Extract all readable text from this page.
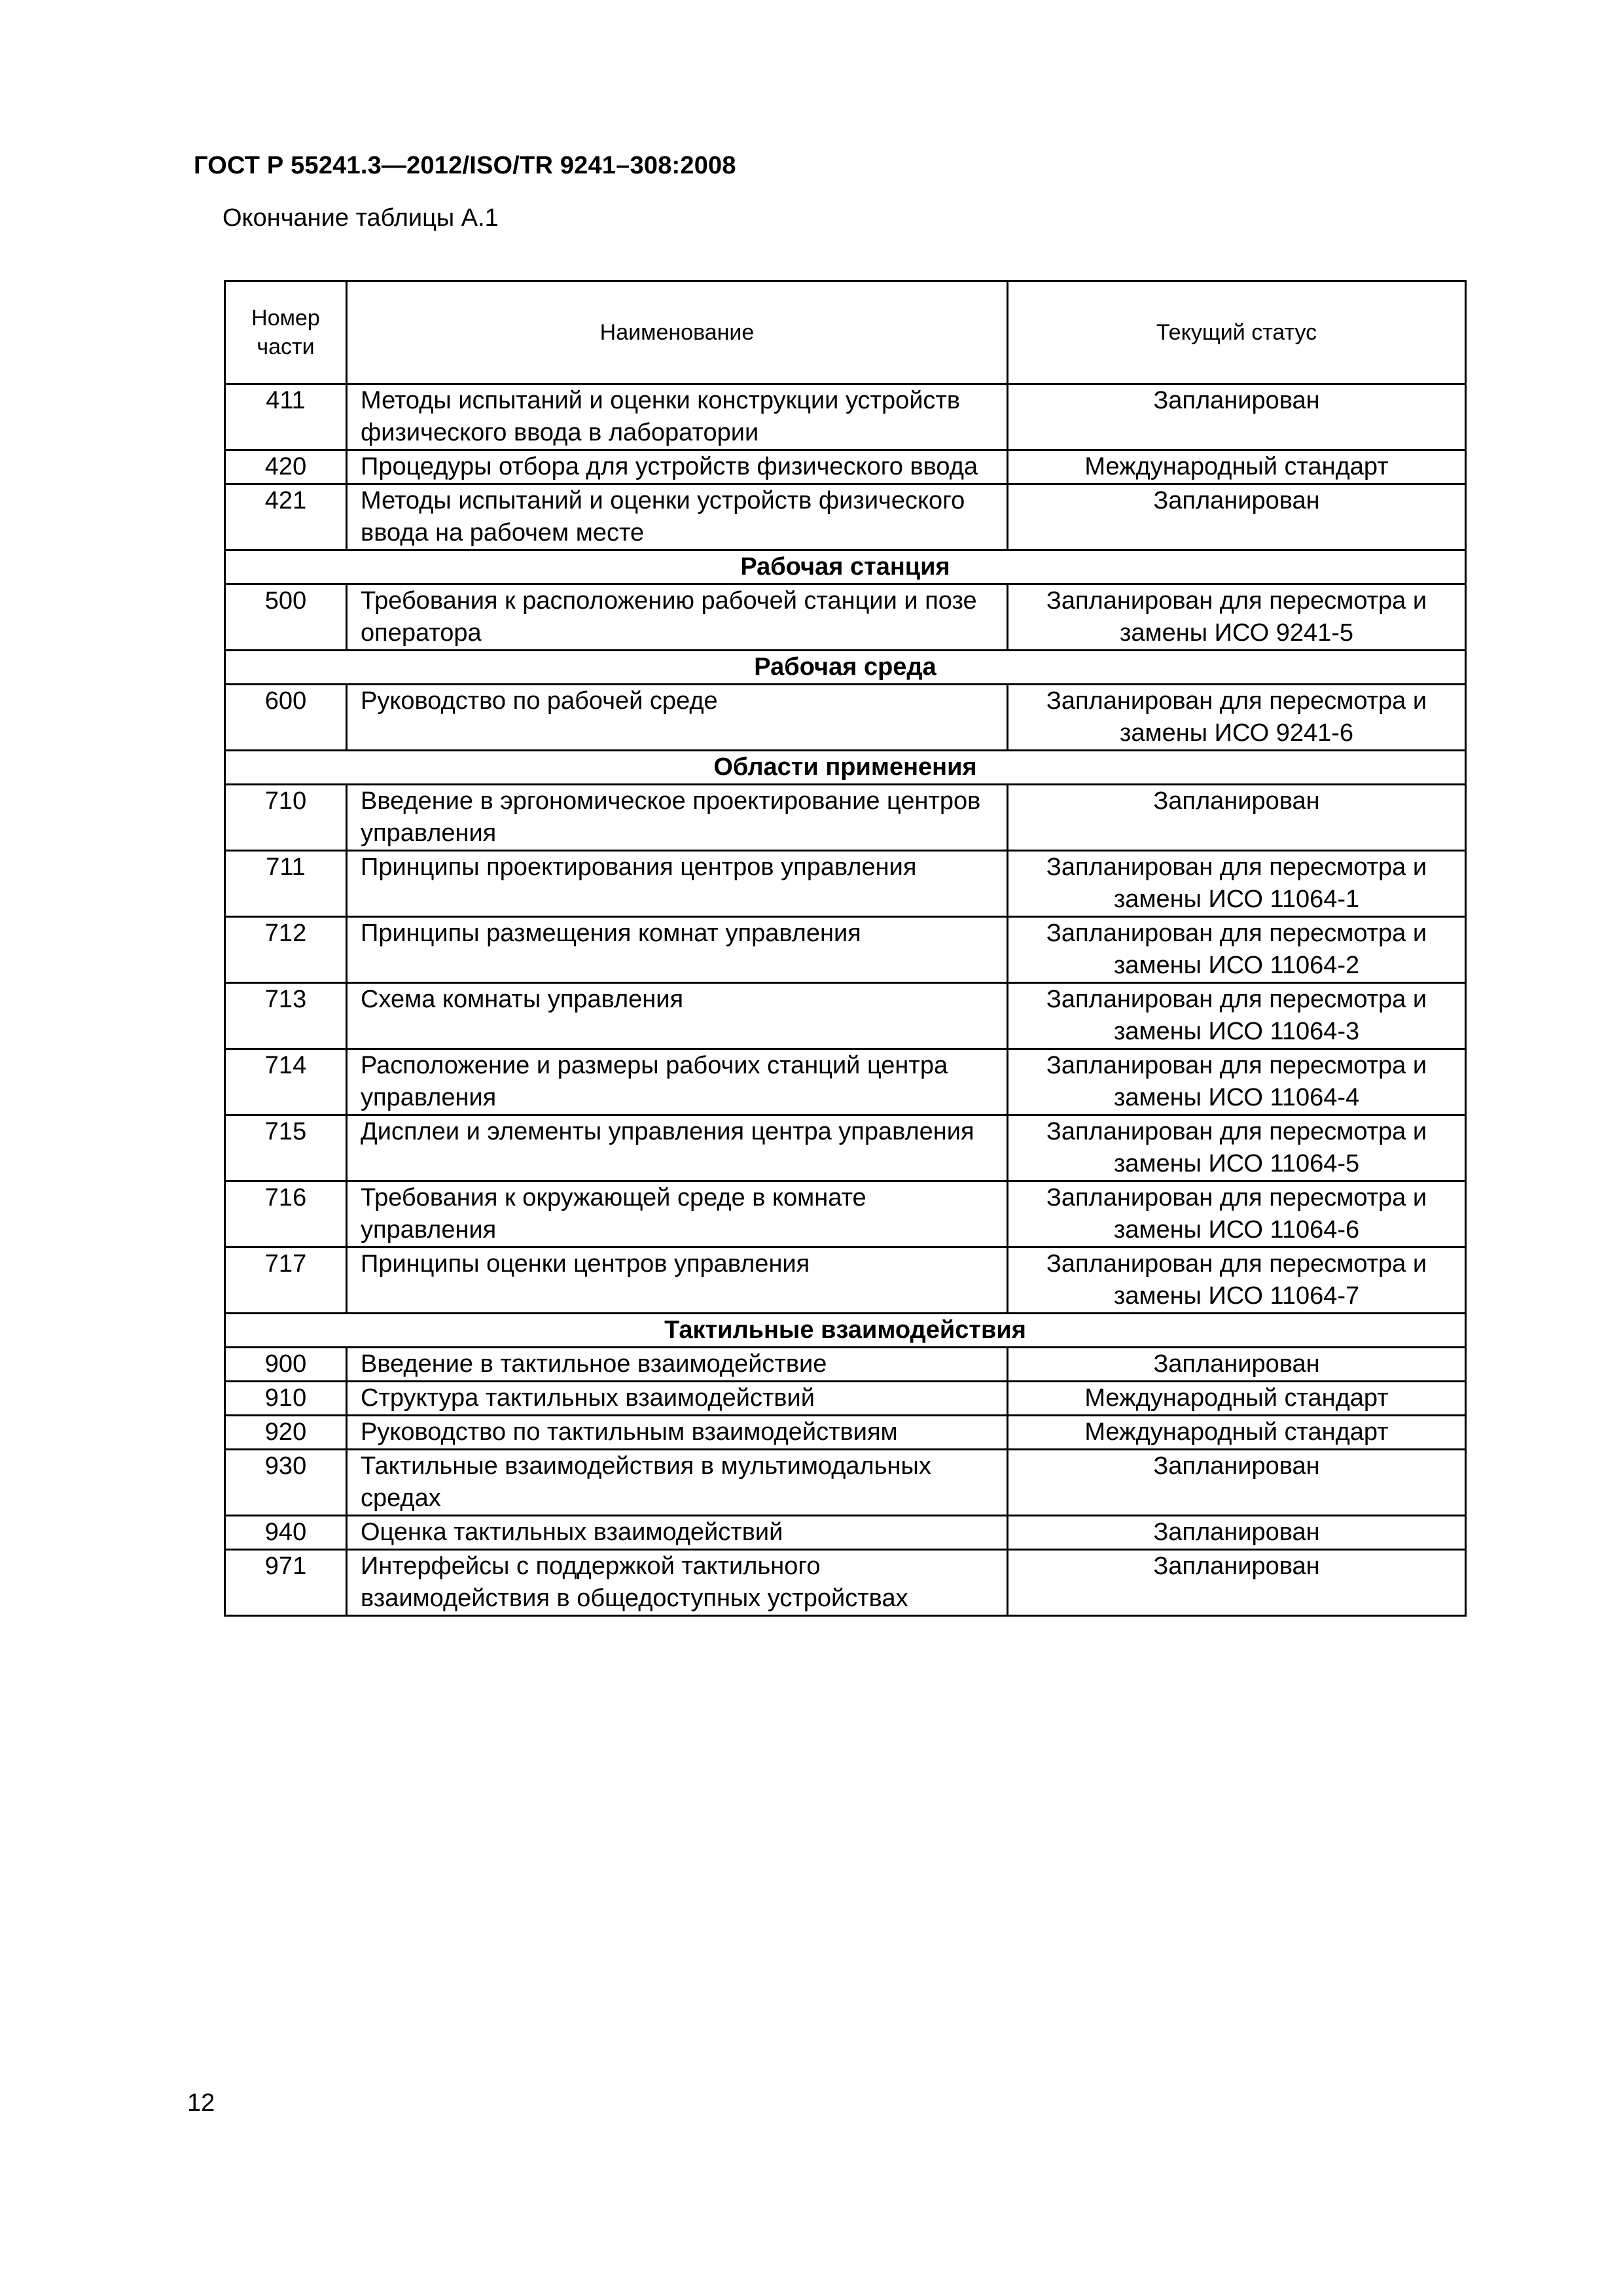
ГОСТ Р 55241.3—2012/ISO/TR 9241–308:2008
Окончание таблицы А.1
Номер части	Наименование	Текущий статус
411	Методы испытаний и оценки конструкции устройств физического ввода в лаборатории	Запланирован
420	Процедуры отбора для устройств физического ввода	Международный стандарт
421	Методы испытаний и оценки устройств физического ввода на рабочем месте	Запланирован
Рабочая станция		
500	Требования к расположению рабочей станции и позе оператора	Запланирован для пересмотра и замены ИСО 9241-5
Рабочая среда		
600	Руководство по рабочей среде	Запланирован для пересмотра и замены ИСО 9241-6
Области применения		
710	Введение в эргономическое проектирование центров управления	Запланирован
711	Принципы проектирования центров управления	Запланирован для пересмотра и замены ИСО 11064-1
712	Принципы размещения комнат управления	Запланирован для пересмотра и замены ИСО 11064-2
713	Схема комнаты управления	Запланирован для пересмотра и замены ИСО 11064-3
714	Расположение и размеры рабочих станций центра управления	Запланирован для пересмотра и замены ИСО 11064-4
715	Дисплеи и элементы управления центра управления	Запланирован для пересмотра и замены ИСО 11064-5
716	Требования к окружающей среде в комнате управления	Запланирован для пересмотра и замены ИСО 11064-6
717	Принципы оценки центров управления	Запланирован для пересмотра и замены ИСО 11064-7
Тактильные взаимодействия		
900	Введение в тактильное взаимодействие	Запланирован
910	Структура тактильных взаимодействий	Международный стандарт
920	Руководство по тактильным взаимодействиям	Международный стандарт
930	Тактильные взаимодействия в мультимодальных средах	Запланирован
940	Оценка тактильных взаимодействий	Запланирован
971	Интерфейсы с поддержкой тактильного взаимодействия в общедоступных устройствах	Запланирован
12
